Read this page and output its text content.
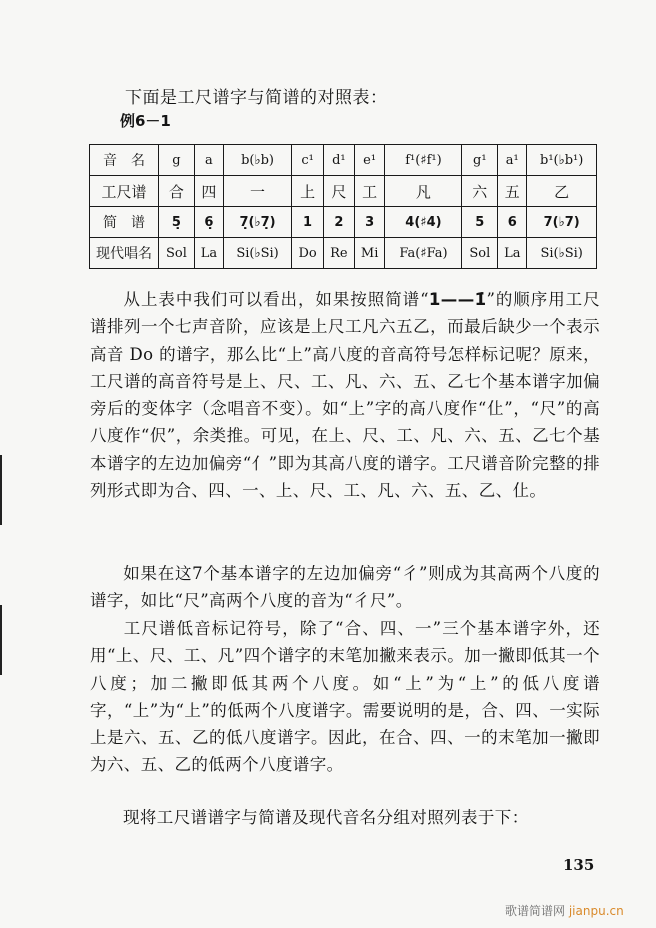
下面是工尺谱字与简谱的对照表：
例6－1
音　名	g	a	b(♭b)	c¹	d¹	e¹	f¹(♯f¹)	g¹	a¹	b¹(♭b¹)
工尺谱	合	四	一	上	尺	工	凡	六	五	乙
简　谱	5̣	6̣	7̣(♭7̣)	1	2	3	4(♯4)	5	6	7(♭7)
现代唱名	Sol	La	Si(♭Si)	Do	Re	Mi	Fa(♯Fa)	Sol	La	Si(♭Si)
从上表中我们可以看出，如果按照简谱“1——1̇”的顺序用工尺谱排列一个七声音阶，应该是上尺工凡六五乙，而最后缺少一个表示高音 Do 的谱字，那么比“上”高八度的音高符号怎样标记呢？原来，工尺谱的高音符号是上、尺、工、凡、六、五、乙七个基本谱字加偏旁后的变体字（念唱音不变）。如“上”字的高八度作“仩”，“尺”的高八度作“伬”，余类推。可见，在上、尺、工、凡、六、五、乙七个基本谱字的左边加偏旁“亻”即为其高八度的谱字。工尺谱音阶完整的排列形式即为合、四、一、上、尺、工、凡、六、五、乙、仩。
如果在这7个基本谱字的左边加偏旁“彳”则成为其高两个八度的谱字，如比“尺”高两个八度的音为“彳尺”。
工尺谱低音标记符号，除了“合、四、一”三个基本谱字外，还用“上、尺、工、凡”四个谱字的末笔加撇来表示。加一撇即低其一个八度；加二撇即低其两个八度。如“上”为“上”的低八度谱字，“上”为“上”的低两个八度谱字。需要说明的是，合、四、一实际上是六、五、乙的低八度谱字。因此，在合、四、一的末笔加一撇即为六、五、乙的低两个八度谱字。
现将工尺谱谱字与简谱及现代音名分组对照列表于下：
135
歌谱简谱网 jianpu.cn
